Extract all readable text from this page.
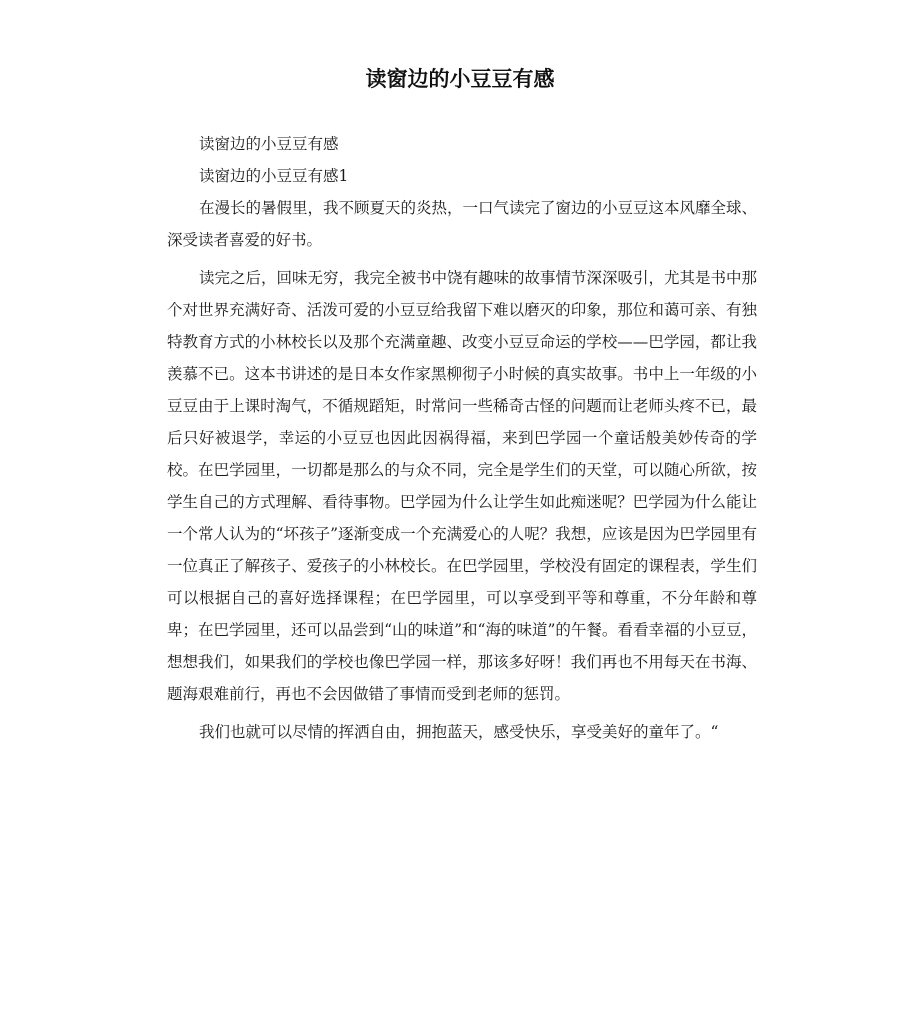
读窗边的小豆豆有感

读窗边的小豆豆有感

读窗边的小豆豆有感1

在漫长的暑假里，我不顾夏天的炎热，一口气读完了窗边的小豆豆这本风靡全球、深受读者喜爱的好书。

读完之后，回味无穷，我完全被书中饶有趣味的故事情节深深吸引，尤其是书中那个对世界充满好奇、活泼可爱的小豆豆给我留下难以磨灭的印象，那位和蔼可亲、有独特教育方式的小林校长以及那个充满童趣、改变小豆豆命运的学校——巴学园，都让我羡慕不已。这本书讲述的是日本女作家黑柳彻子小时候的真实故事。书中上一年级的小豆豆由于上课时淘气，不循规蹈矩，时常问一些稀奇古怪的问题而让老师头疼不已，最后只好被退学，幸运的小豆豆也因此因祸得福，来到巴学园一个童话般美妙传奇的学校。在巴学园里，一切都是那么的与众不同，完全是学生们的天堂，可以随心所欲，按学生自己的方式理解、看待事物。巴学园为什么让学生如此痴迷呢？巴学园为什么能让一个常人认为的“坏孩子”逐渐变成一个充满爱心的人呢？我想，应该是因为巴学园里有一位真正了解孩子、爱孩子的小林校长。在巴学园里，学校没有固定的课程表，学生们可以根据自己的喜好选择课程；在巴学园里，可以享受到平等和尊重，不分年龄和尊卑；在巴学园里，还可以品尝到“山的味道”和“海的味道”的午餐。看看幸福的小豆豆，想想我们，如果我们的学校也像巴学园一样，那该多好呀！我们再也不用每天在书海、题海艰难前行，再也不会因做错了事情而受到老师的惩罚。

我们也就可以尽情的挥洒自由，拥抱蓝天，感受快乐，享受美好的童年了。“
